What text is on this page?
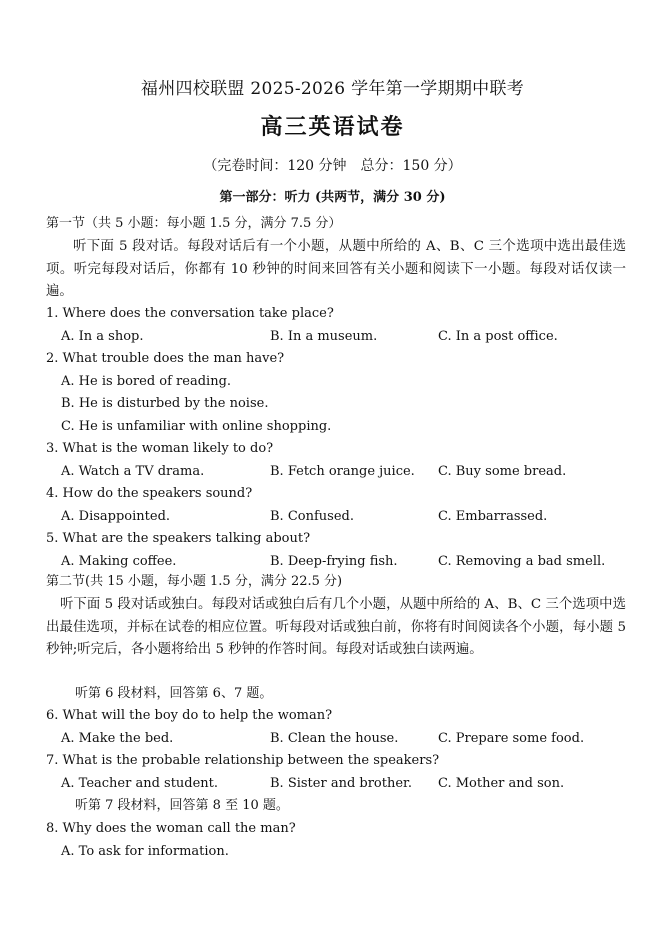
福州四校联盟 2025-2026 学年第一学期期中联考
高三英语试卷
（完卷时间：120 分钟　总分：150 分）
第一部分：听力 (共两节，满分 30 分)
第一节（共 5 小题：每小题 1.5 分，满分 7.5 分）
听下面 5 段对话。每段对话后有一个小题，从题中所给的 A、B、C 三个选项中选出最佳选项。听完每段对话后，你都有 10 秒钟的时间来回答有关小题和阅读下一小题。每段对话仅读一遍。
1. Where does the conversation take place?
A. In a shop.	B. In a museum.	C. In a post office.
2. What trouble does the man have?
A. He is bored of reading.
B. He is disturbed by the noise.
C. He is unfamiliar with online shopping.
3. What is the woman likely to do?
A. Watch a TV drama.	B. Fetch orange juice. C. Buy some bread.
4. How do the speakers sound?
A. Disappointed.	B. Confused.	C. Embarrassed.
5. What are the speakers talking about?
A. Making coffee.	B. Deep-frying fish.	C. Removing a bad smell.
第二节(共 15 小题，每小题 1.5 分，满分 22.5 分)
听下面 5 段对话或独白。每段对话或独白后有几个小题，从题中所给的 A、B、C 三个选项中选出最佳选项，并标在试卷的相应位置。听每段对话或独白前，你将有时间阅读各个小题，每小题 5 秒钟;听完后，各小题将给出 5 秒钟的作答时间。每段对话或独白读两遍。
听第 6 段材料，回答第 6、7 题。
6. What will the boy do to help the woman?
A. Make the bed.	B. Clean the house.	C. Prepare some food.
7. What is the probable relationship between the speakers?
A. Teacher and student.	B. Sister and brother. C. Mother and son.
听第 7 段材料，回答第 8 至 10 题。
8. Why does the woman call the man?
A. To ask for information.
